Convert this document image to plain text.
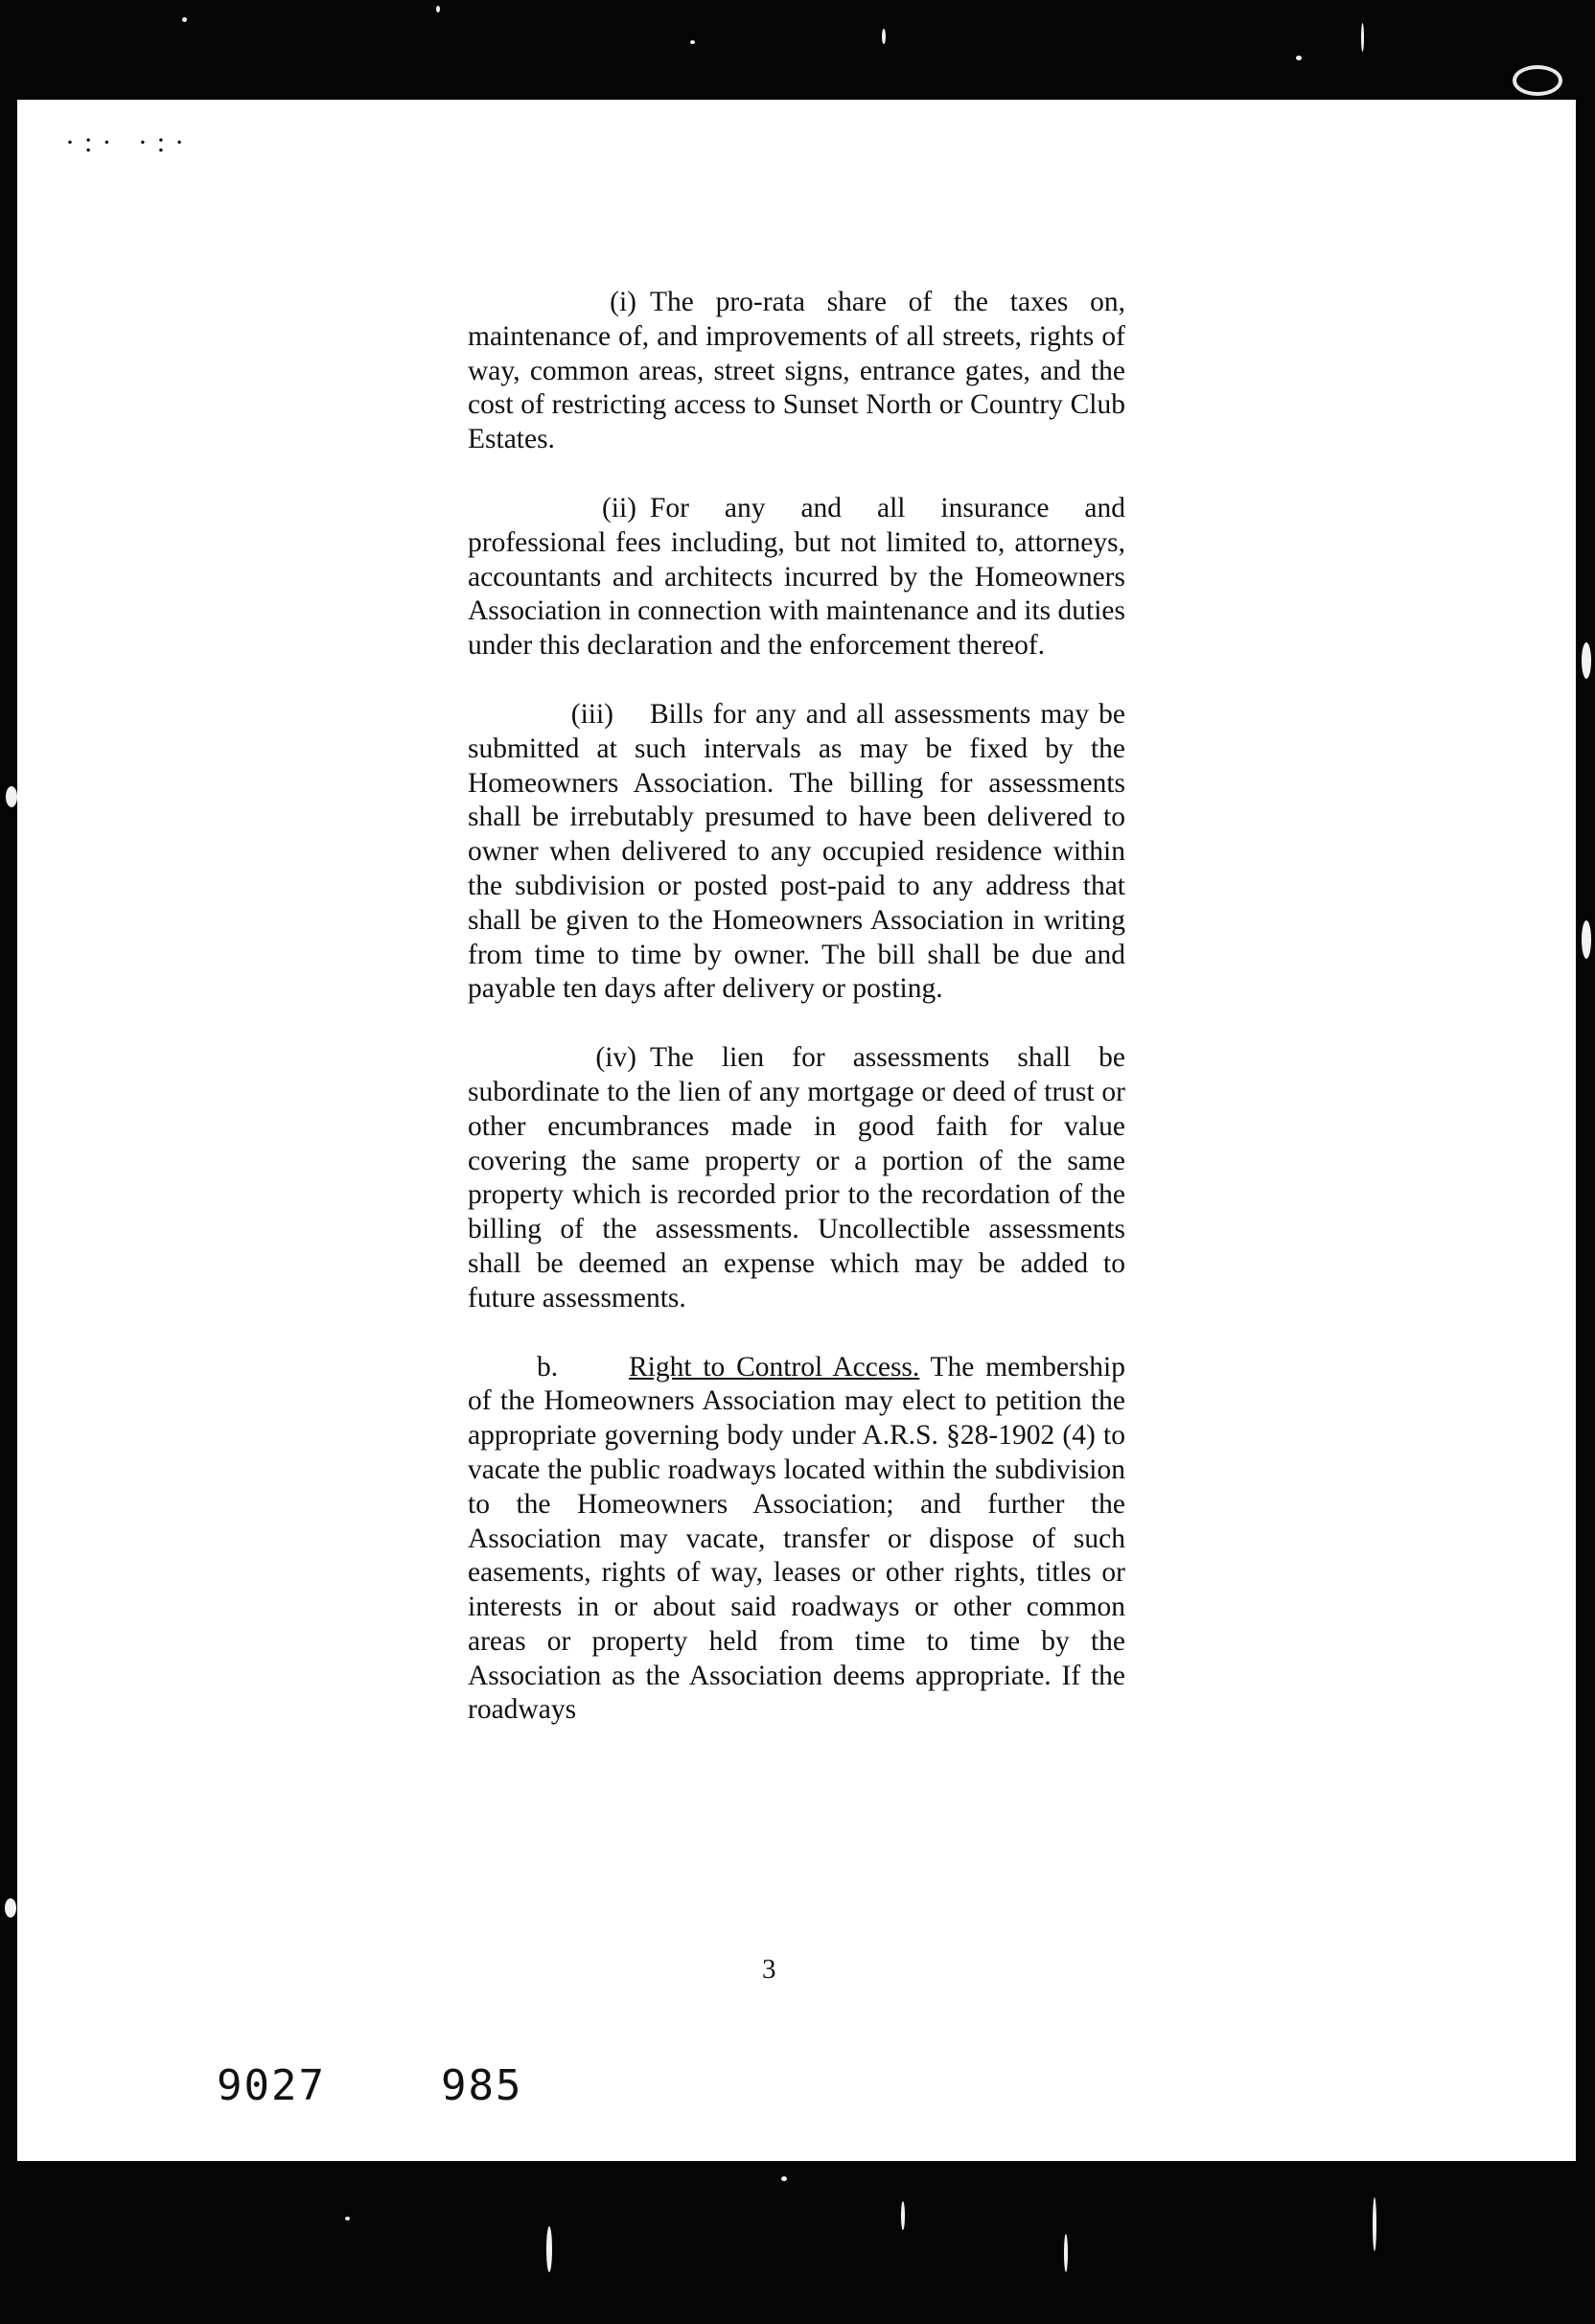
·:· ·:·

(i) The pro-rata share of the taxes on, maintenance of, and improvements of all streets, rights of way, common areas, street signs, entrance gates, and the cost of restricting access to Sunset North or Country Club Estates.

(ii) For any and all insurance and professional fees including, but not limited to, attorneys, accountants and architects incurred by the Homeowners Association in connection with maintenance and its duties under this declaration and the enforcement thereof.

(iii) Bills for any and all assessments may be submitted at such intervals as may be fixed by the Homeowners Association. The billing for assessments shall be irrebutably presumed to have been delivered to owner when delivered to any occupied residence within the subdivision or posted post-paid to any address that shall be given to the Homeowners Association in writing from time to time by owner. The bill shall be due and payable ten days after delivery or posting.

(iv) The lien for assessments shall be subordinate to the lien of any mortgage or deed of trust or other encumbrances made in good faith for value covering the same property or a portion of the same property which is recorded prior to the recordation of the billing of the assessments. Uncollectible assessments shall be deemed an expense which may be added to future assessments.

b.	Right to Control Access. The membership of the Homeowners Association may elect to petition the appropriate governing body under A.R.S. §28-1902 (4) to vacate the public roadways located within the subdivision to the Homeowners Association; and further the Association may vacate, transfer or dispose of such easements, rights of way, leases or other rights, titles or interests in or about said roadways or other common areas or property held from time to time by the Association as the Association deems appropriate. If the roadways

3
9027	985
